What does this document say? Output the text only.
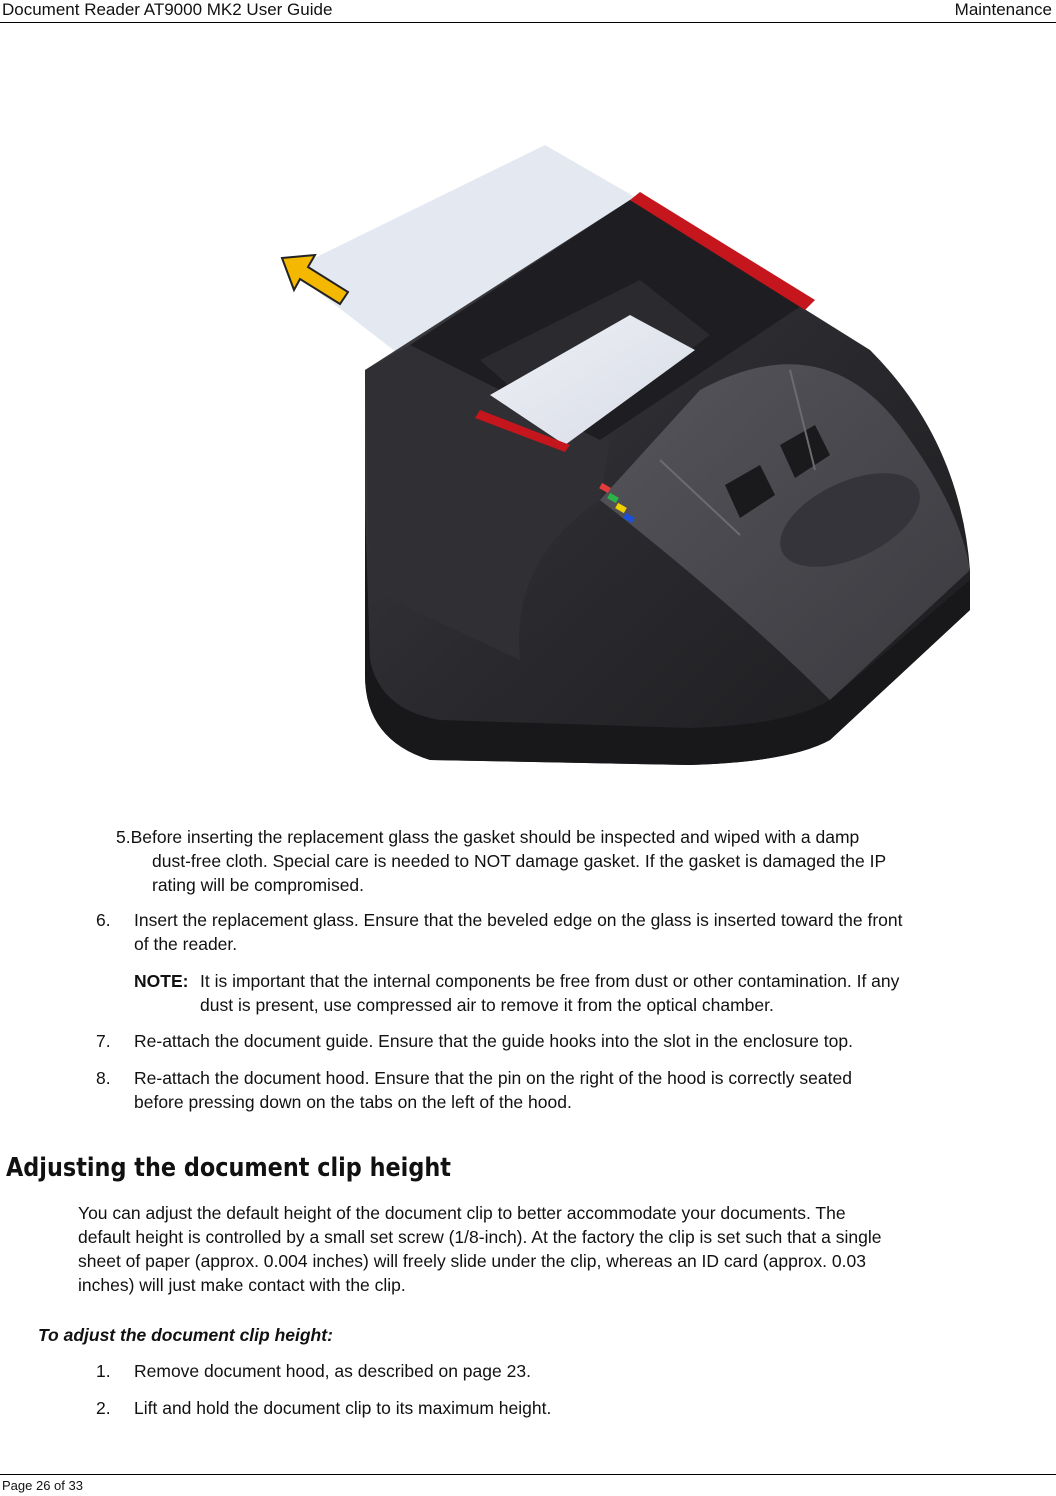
Document Reader AT9000 MK2 User Guide	Maintenance
5.Before inserting the replacement glass the gasket should be inspected and wiped with a damp
dust-free cloth. Special care is needed to NOT damage gasket. If the gasket is damaged the IP
rating will be compromised.
6. Insert the replacement glass. Ensure that the beveled edge on the glass is inserted toward the front
of the reader.
NOTE: It is important that the internal components be free from dust or other contamination. If any
dust is present, use compressed air to remove it from the optical chamber.
7. Re-attach the document guide. Ensure that the guide hooks into the slot in the enclosure top.
8. Re-attach the document hood. Ensure that the pin on the right of the hood is correctly seated
before pressing down on the tabs on the left of the hood.
Adjusting the document clip height
You can adjust the default height of the document clip to better accommodate your documents. The
default height is controlled by a small set screw (1/8-inch). At the factory the clip is set such that a single
sheet of paper (approx. 0.004 inches) will freely slide under the clip, whereas an ID card (approx. 0.03
inches) will just make contact with the clip.
To adjust the document clip height:
1. Remove document hood, as described on page 23.
2. Lift and hold the document clip to its maximum height.
Page 26 of 33
